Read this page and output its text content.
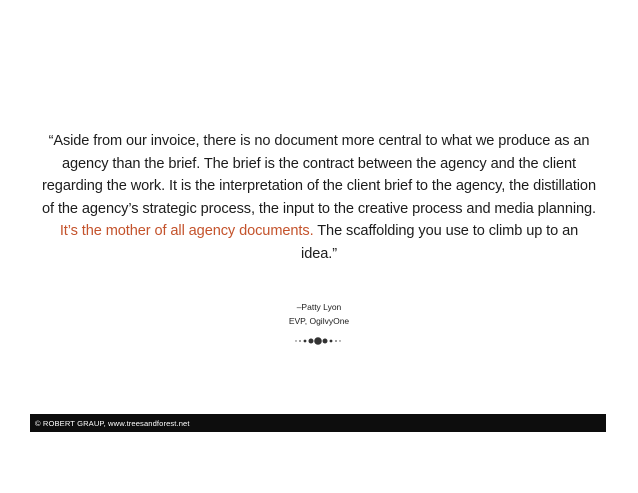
“Aside from our invoice, there is no document more central to what we produce as an agency than the brief. The brief is the contract between the agency and the client regarding the work. It is the interpretation of the client brief to the agency, the distillation of the agency’s strategic process, the input to the creative process and media planning. It’s the mother of all agency documents. The scaffolding you use to climb up to an idea.”

–Patty Lyon
EVP, OgilvyOne
© ROBERT GRAUP, www.treesandforest.net
